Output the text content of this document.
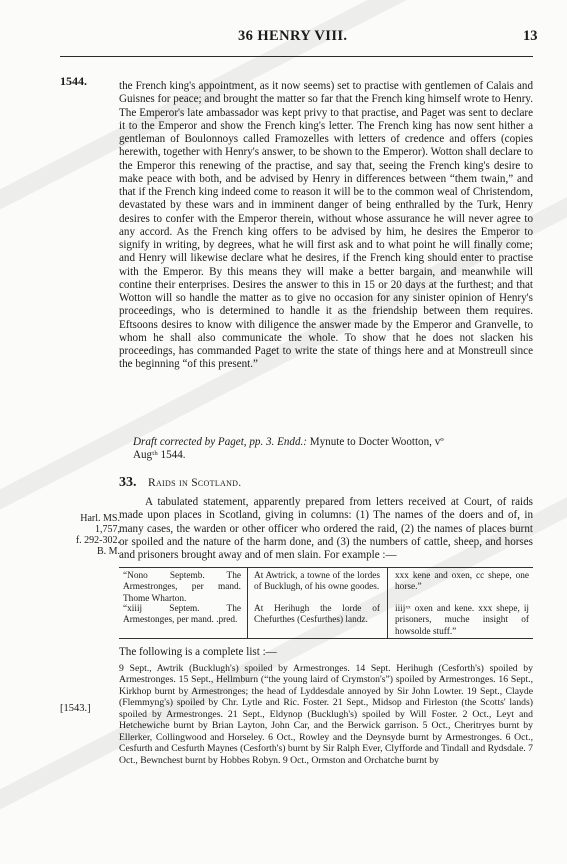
36 HENRY VIII.	13
1544.	the French king's appointment, as it now seems) set to practise with gentlemen of Calais and Guisnes for peace; and brought the matter so far that the French king himself wrote to Henry. The Emperor's late ambassador was kept privy to that practise, and Paget was sent to declare it to the Emperor and show the French king's letter. The French king has now sent hither a gentleman of Boulonnoys called Framozelles with letters of credence and offers (copies herewith, together with Henry's answer, to be shown to the Emperor). Wotton shall declare to the Emperor this renewing of the practise, and say that, seeing the French king's desire to make peace with both, and be advised by Henry in differences between “them twain,” and that if the French king indeed come to reason it will be to the common weal of Christendom, devastated by these wars and in imminent danger of being enthralled by the Turk, Henry desires to confer with the Emperor therein, without whose assurance he will never agree to any accord. As the French king offers to be advised by him, he desires the Emperor to signify in writing, by degrees, what he will first ask and to what point he will finally come; and Henry will likewise declare what he desires, if the French king should enter to practise with the Emperor. By this means they will make a better bargain, and meanwhile will contine their enterprises. Desires the answer to this in 15 or 20 days at the furthest; and that Wotton will so handle the matter as to give no occasion for any sinister opinion of Henry's proceedings, who is determined to handle it as the friendship between them requires. Eftsoons desires to know with diligence the answer made by the Emperor and Granvelle, to whom he shall also communicate the whole. To show that he does not slacken his proceedings, has commanded Paget to write the state of things here and at Monstreull since the beginning “of this present.”

Draft corrected by Paget, pp. 3. Endd.: Mynute to Docter Wootton, vº
Augᵗʰ 1544.
33. Raids in Scotland.
Harl. MS.
1,757,
f. 292-302.
B. M.
A tabulated statement, apparently prepared from letters received at Court, of raids made upon places in Scotland, giving in columns: (1) The names of the doers and of, in many cases, the warden or other officer who ordered the raid, (2) the names of places burnt or spoiled and the nature of the harm done, and (3) the numbers of cattle, sheep, and horses and prisoners brought away and of men slain. For example :—
“Nono Septemb. The Armestronges, per mand. Thome Wharton.
At Awtrick, a towne of the lordes of Bucklugh, of his owne goodes.
xxx kene and oxen, cc shepe, one horse.”
“xiiij Septem. The Armestonges, per mand. .pred.
At Herihugh the lorde of Chefurthes (Cesfurthes) landz.
iiijˣˣ oxen and kene. xxx shepe, ij prisoners, muche insight of howsolde stuff.”
The following is a complete list :—
[1543.]
9 Sept., Awtrik (Bucklugh's) spoiled by Armestronges. 14 Sept. Herihugh (Cesforth's) spoiled by Armestronges. 15 Sept., Hellmburn (“the young laird of Crymston's”) spoiled by Armestronges. 16 Sept., Kirkhop burnt by Armestronges; the head of Lyddesdale annoyed by Sir John Lowter. 19 Sept., Clayde (Flemmyng's) spoiled by Chr. Lytle and Ric. Foster. 21 Sept., Midsop and Firleston (the Scotts' lands) spoiled by Armestronges. 21 Sept., Eldynop (Bucklugh's) spoiled by Will Foster. 2 Oct., Leyt and Hetchewiche burnt by Brian Layton, John Car, and the Berwick garrison. 5 Oct., Cheritryes burnt by Ellerker, Collingwood and Horseley. 6 Oct., Rowley and the Deynsyde burnt by Armestronges. 6 Oct., Cesfurth and Cesfurth Maynes (Cesforth's) burnt by Sir Ralph Ever, Clyfforde and Tindall and Rydsdale. 7 Oct., Bewnchest burnt by Hobbes Robyn. 9 Oct., Ormston and Orchatche burnt by
